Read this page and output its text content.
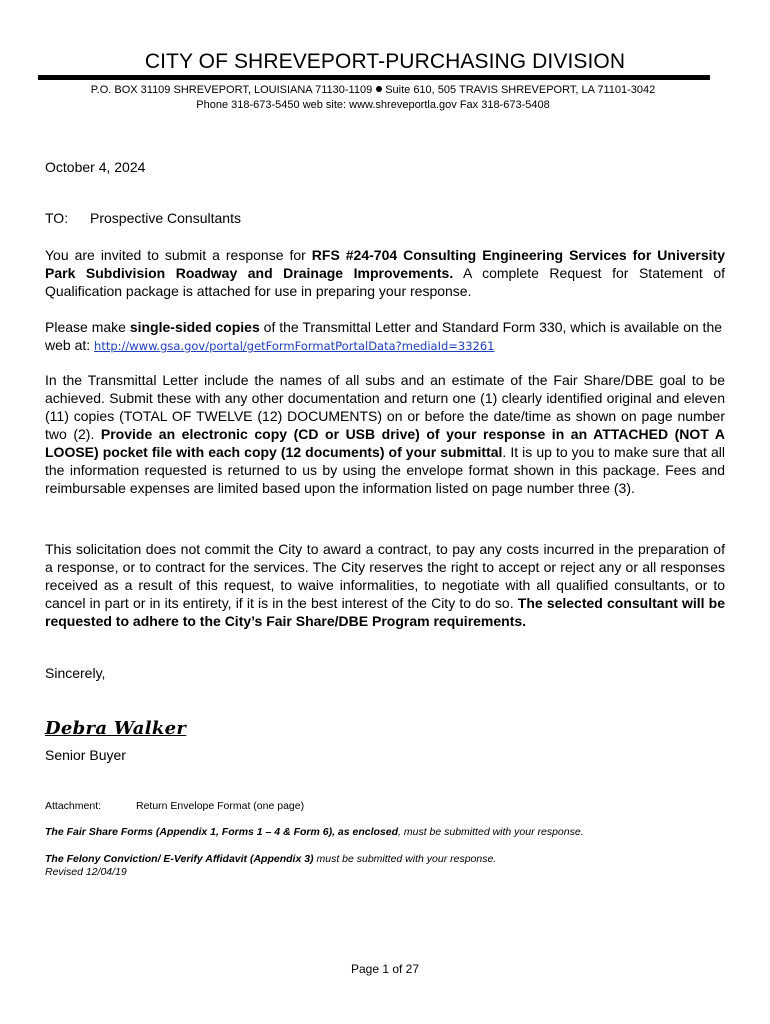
CITY OF SHREVEPORT-PURCHASING DIVISION
P.O. BOX 31109 SHREVEPORT, LOUISIANA 71130-1109 Suite 610, 505 TRAVIS SHREVEPORT, LA 71101-3042
Phone 318-673-5450 web site: www.shreveportla.gov Fax 318-673-5408
October 4, 2024
TO: Prospective Consultants

You are invited to submit a response for RFS #24-704 Consulting Engineering Services for University Park Subdivision Roadway and Drainage Improvements. A complete Request for Statement of Qualification package is attached for use in preparing your response.

Please make single-sided copies of the Transmittal Letter and Standard Form 330, which is available on the web at: http://www.gsa.gov/portal/getFormFormatPortalData?mediaId=33261

In the Transmittal Letter include the names of all subs and an estimate of the Fair Share/DBE goal to be achieved. Submit these with any other documentation and return one (1) clearly identified original and eleven (11) copies (TOTAL OF TWELVE (12) DOCUMENTS) on or before the date/time as shown on page number two (2). Provide an electronic copy (CD or USB drive) of your response in an ATTACHED (NOT A LOOSE) pocket file with each copy (12 documents) of your submittal. It is up to you to make sure that all the information requested is returned to us by using the envelope format shown in this package. Fees and reimbursable expenses are limited based upon the information listed on page number three (3).

This solicitation does not commit the City to award a contract, to pay any costs incurred in the preparation of a response, or to contract for the services. The City reserves the right to accept or reject any or all responses received as a result of this request, to waive informalities, to negotiate with all qualified consultants, or to cancel in part or in its entirety, if it is in the best interest of the City to do so. The selected consultant will be requested to adhere to the City’s Fair Share/DBE Program requirements.

Sincerely,
Debra Walker
Senior Buyer
Attachment:	Return Envelope Format (one page)
The Fair Share Forms (Appendix 1, Forms 1 – 4 & Form 6), as enclosed, must be submitted with your response.
The Felony Conviction/ E-Verify Affidavit (Appendix 3) must be submitted with your response.
Revised 12/04/19
Page 1 of 27
